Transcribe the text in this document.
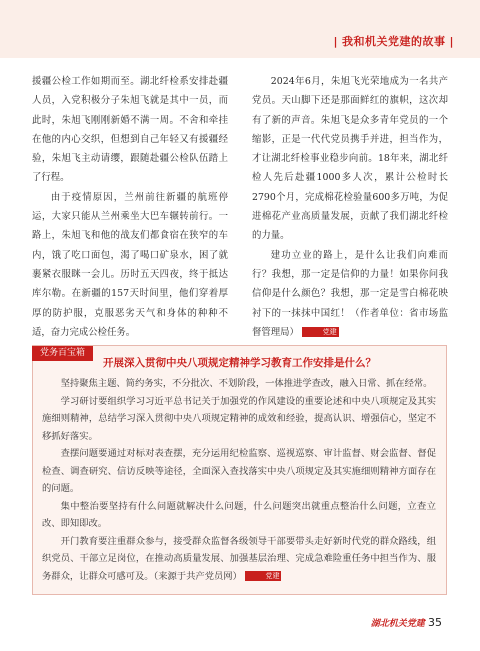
| 我和机关党建的故事 |

援疆公检工作如期而至。湖北纤检系安排赴疆人员，入党积极分子朱旭飞就是其中一员，而此时，朱旭飞刚刚新婚不满一周。不舍和牵挂在他的内心交织，但想到自己年轻又有援疆经验，朱旭飞主动请缨，跟随赴疆公检队伍踏上了行程。

由于疫情原因，兰州前往新疆的航班停运，大家只能从兰州乘坐大巴车辗转前行。一路上，朱旭飞和他的战友们都食宿在狭窄的车内，饿了吃口面包，渴了喝口矿泉水，困了就裹紧衣服眯一会儿。历时五天四夜，终于抵达库尔勒。在新疆的157天时间里，他们穿着厚厚的防护服，克服恶劣天气和身体的种种不适，奋力完成公检任务。

2024年6月，朱旭飞光荣地成为一名共产党员。天山脚下还是那面鲜红的旗帜，这次却有了新的声音。朱旭飞是众多青年党员的一个缩影，正是一代代党员携手并进，担当作为，才让湖北纤检事业稳步向前。18年来，湖北纤检人先后赴疆1000多人次，累计公检时长2790个月，完成棉花检验量600多万吨，为促进棉花产业高质量发展，贡献了我们湖北纤检的力量。

建功立业的路上，是什么让我们向难而行？我想，那一定是信仰的力量！如果你问我信仰是什么颜色？我想，那一定是雪白棉花映衬下的一抹抹中国红！（作者单位：省市场监督管理局）	党建

党务百宝箱
开展深入贯彻中央八项规定精神学习教育工作安排是什么？

坚持聚焦主题、简约务实，不分批次、不划阶段，一体推进学查改，融入日常、抓在经常。

学习研讨要组织学习习近平总书记关于加强党的作风建设的重要论述和中央八项规定及其实施细则精神，总结学习深入贯彻中央八项规定精神的成效和经验，提高认识、增强信心，坚定不移抓好落实。

查摆问题要通过对标对表查摆，充分运用纪检监察、巡视巡察、审计监督、财会监督、督促检查、调查研究、信访反映等途径，全面深入查找落实中央八项规定及其实施细则精神方面存在的问题。

集中整治要坚持有什么问题就解决什么问题，什么问题突出就重点整治什么问题，立查立改、即知即改。

开门教育要注重群众参与，接受群众监督各级领导干部要带头走好新时代党的群众路线，组织党员、干部立足岗位，在推动高质量发展、加强基层治理、完成急难险重任务中担当作为、服务群众，让群众可感可及。（来源于共产党员网）	党建

湖北机关党建 35
